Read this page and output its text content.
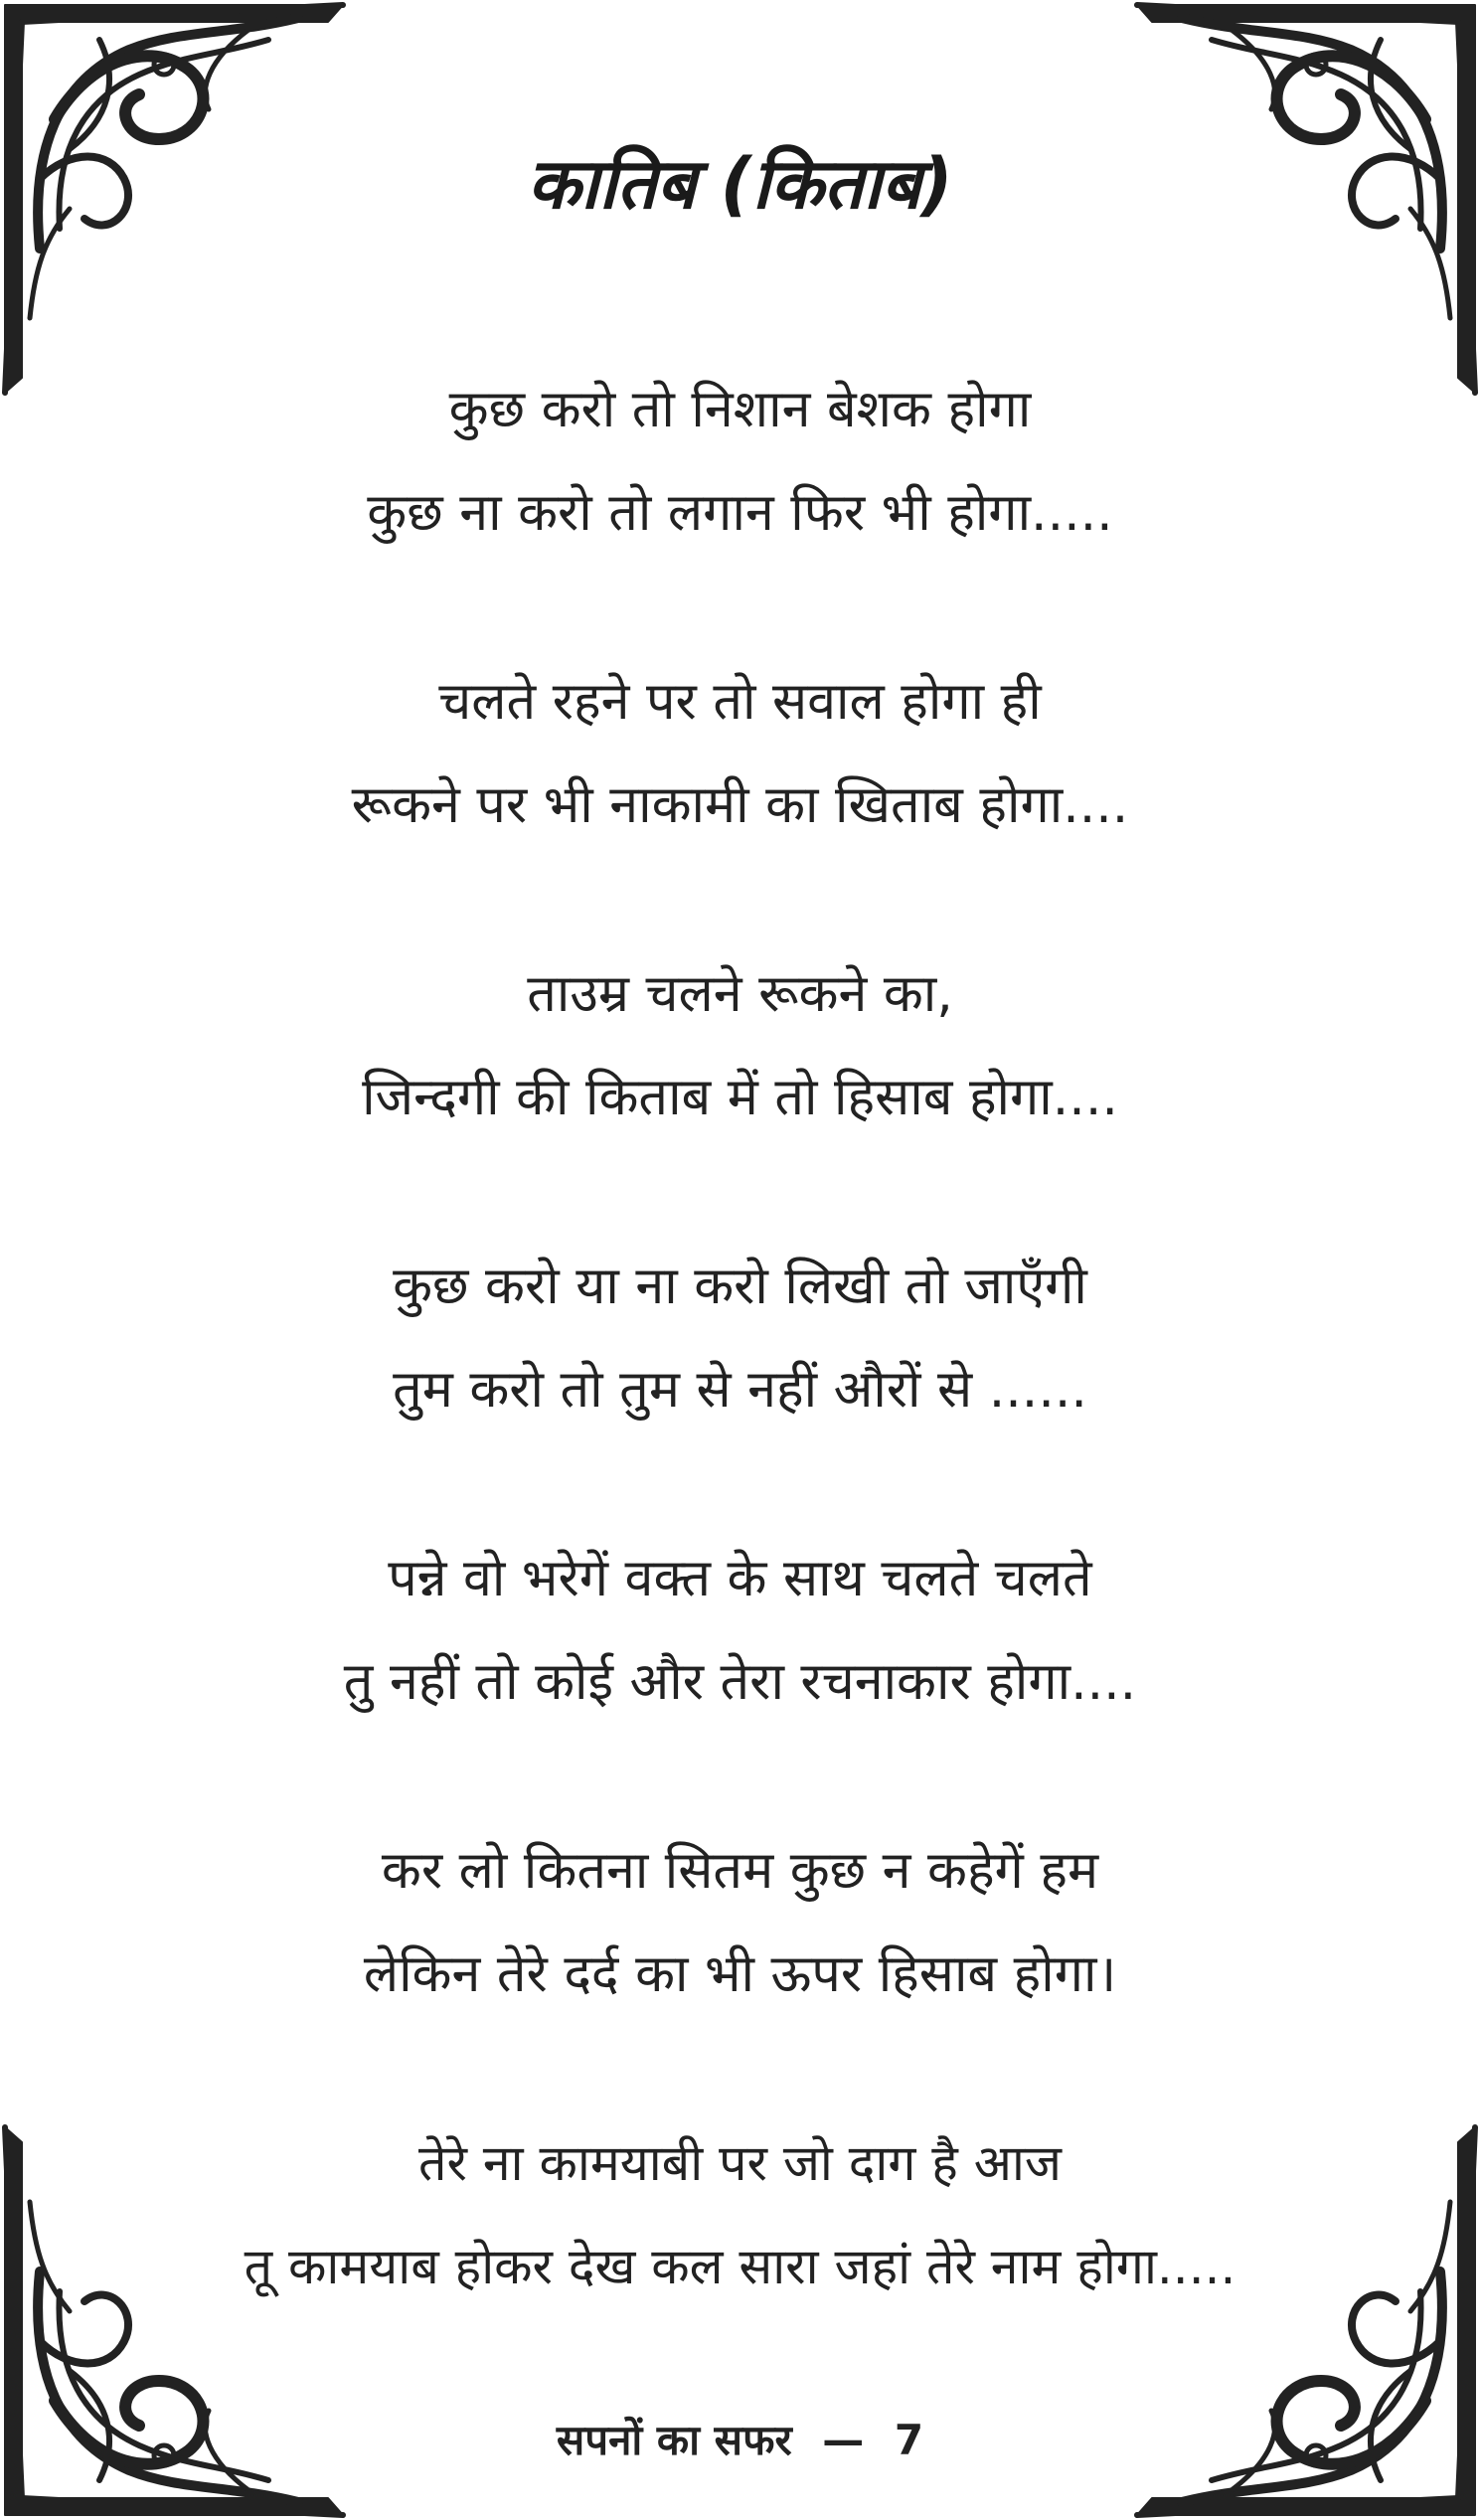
कातिब (किताब)
कुछ करो तो निशान बेशक होगा
कुछ ना करो तो लगान फिर भी होगा.....
चलते रहने पर तो सवाल होगा ही
रूकने पर भी नाकामी का खिताब होगा....
ताउम्र चलने रूकने का,
जिन्दगी की किताब में तो हिसाब होगा....
कुछ करो या ना करो लिखी तो जाएँगी
तुम करो तो तुम से नहीं औरों से ......
पन्ने वो भरेगें वक्त के साथ चलते चलते
तु नहीं तो कोई और तेरा रचनाकार होगा....
कर लो कितना सितम कुछ न कहेगें हम
लेकिन तेरे दर्द का भी ऊपर हिसाब होगा।
तेरे ना कामयाबी पर जो दाग है आज
तू कामयाब होकर देख कल सारा जहां तेरे नाम होगा.....
सपनों का सफर — 7
